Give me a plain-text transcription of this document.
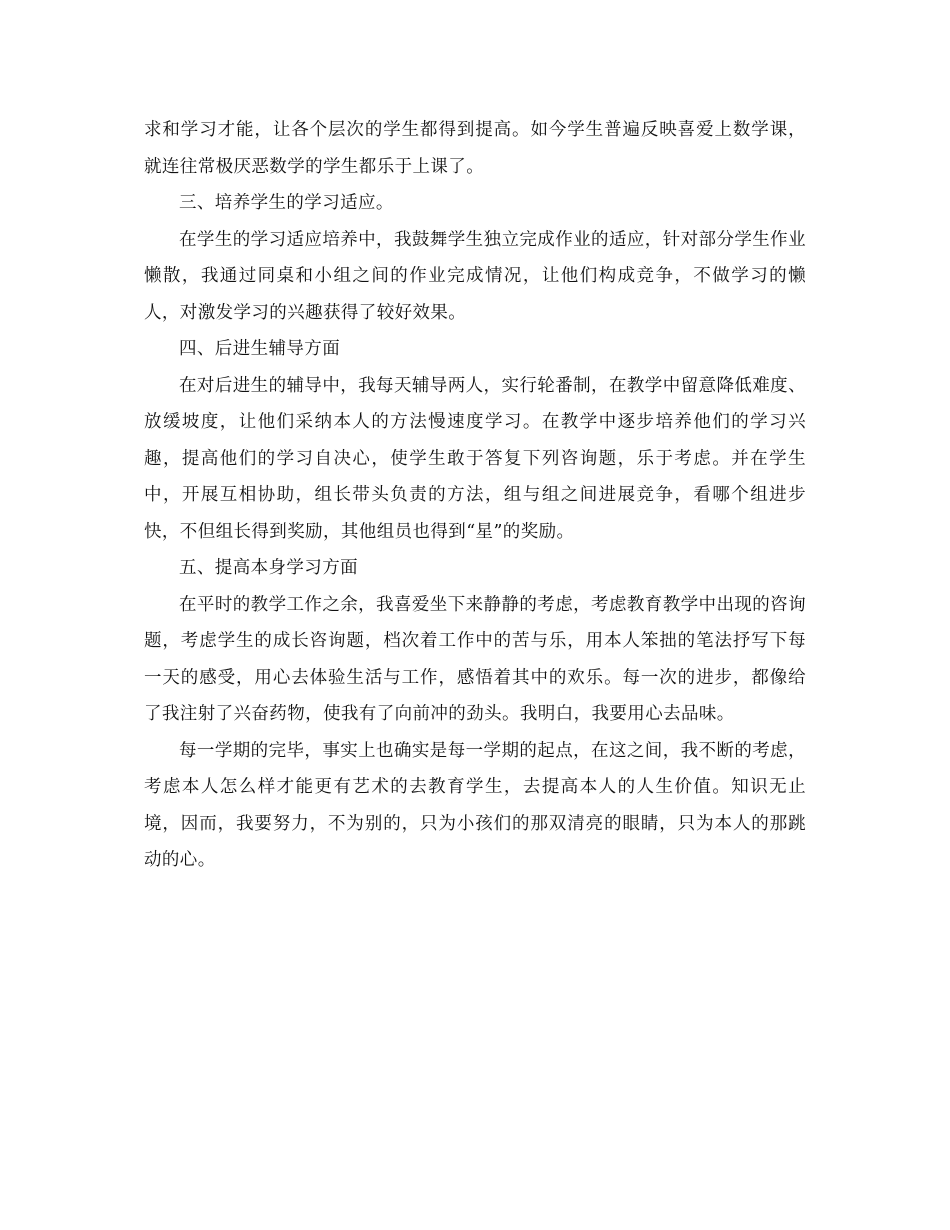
求和学习才能，让各个层次的学生都得到提高。如今学生普遍反映喜爱上数学课，就连往常极厌恶数学的学生都乐于上课了。

三、培养学生的学习适应。

在学生的学习适应培养中，我鼓舞学生独立完成作业的适应，针对部分学生作业懒散，我通过同桌和小组之间的作业完成情况，让他们构成竞争，不做学习的懒人，对激发学习的兴趣获得了较好效果。

四、后进生辅导方面

在对后进生的辅导中，我每天辅导两人，实行轮番制，在教学中留意降低难度、放缓坡度，让他们采纳本人的方法慢速度学习。在教学中逐步培养他们的学习兴趣，提高他们的学习自决心，使学生敢于答复下列咨询题，乐于考虑。并在学生中，开展互相协助，组长带头负责的方法，组与组之间进展竞争，看哪个组进步快，不但组长得到奖励，其他组员也得到“星”的奖励。

五、提高本身学习方面

在平时的教学工作之余，我喜爱坐下来静静的考虑，考虑教育教学中出现的咨询题，考虑学生的成长咨询题，档次着工作中的苦与乐，用本人笨拙的笔法抒写下每一天的感受，用心去体验生活与工作，感悟着其中的欢乐。每一次的进步，都像给了我注射了兴奋药物，使我有了向前冲的劲头。我明白，我要用心去品味。

每一学期的完毕，事实上也确实是每一学期的起点，在这之间，我不断的考虑，考虑本人怎么样才能更有艺术的去教育学生，去提高本人的人生价值。知识无止境，因而，我要努力，不为别的，只为小孩们的那双清亮的眼睛，只为本人的那跳动的心。
